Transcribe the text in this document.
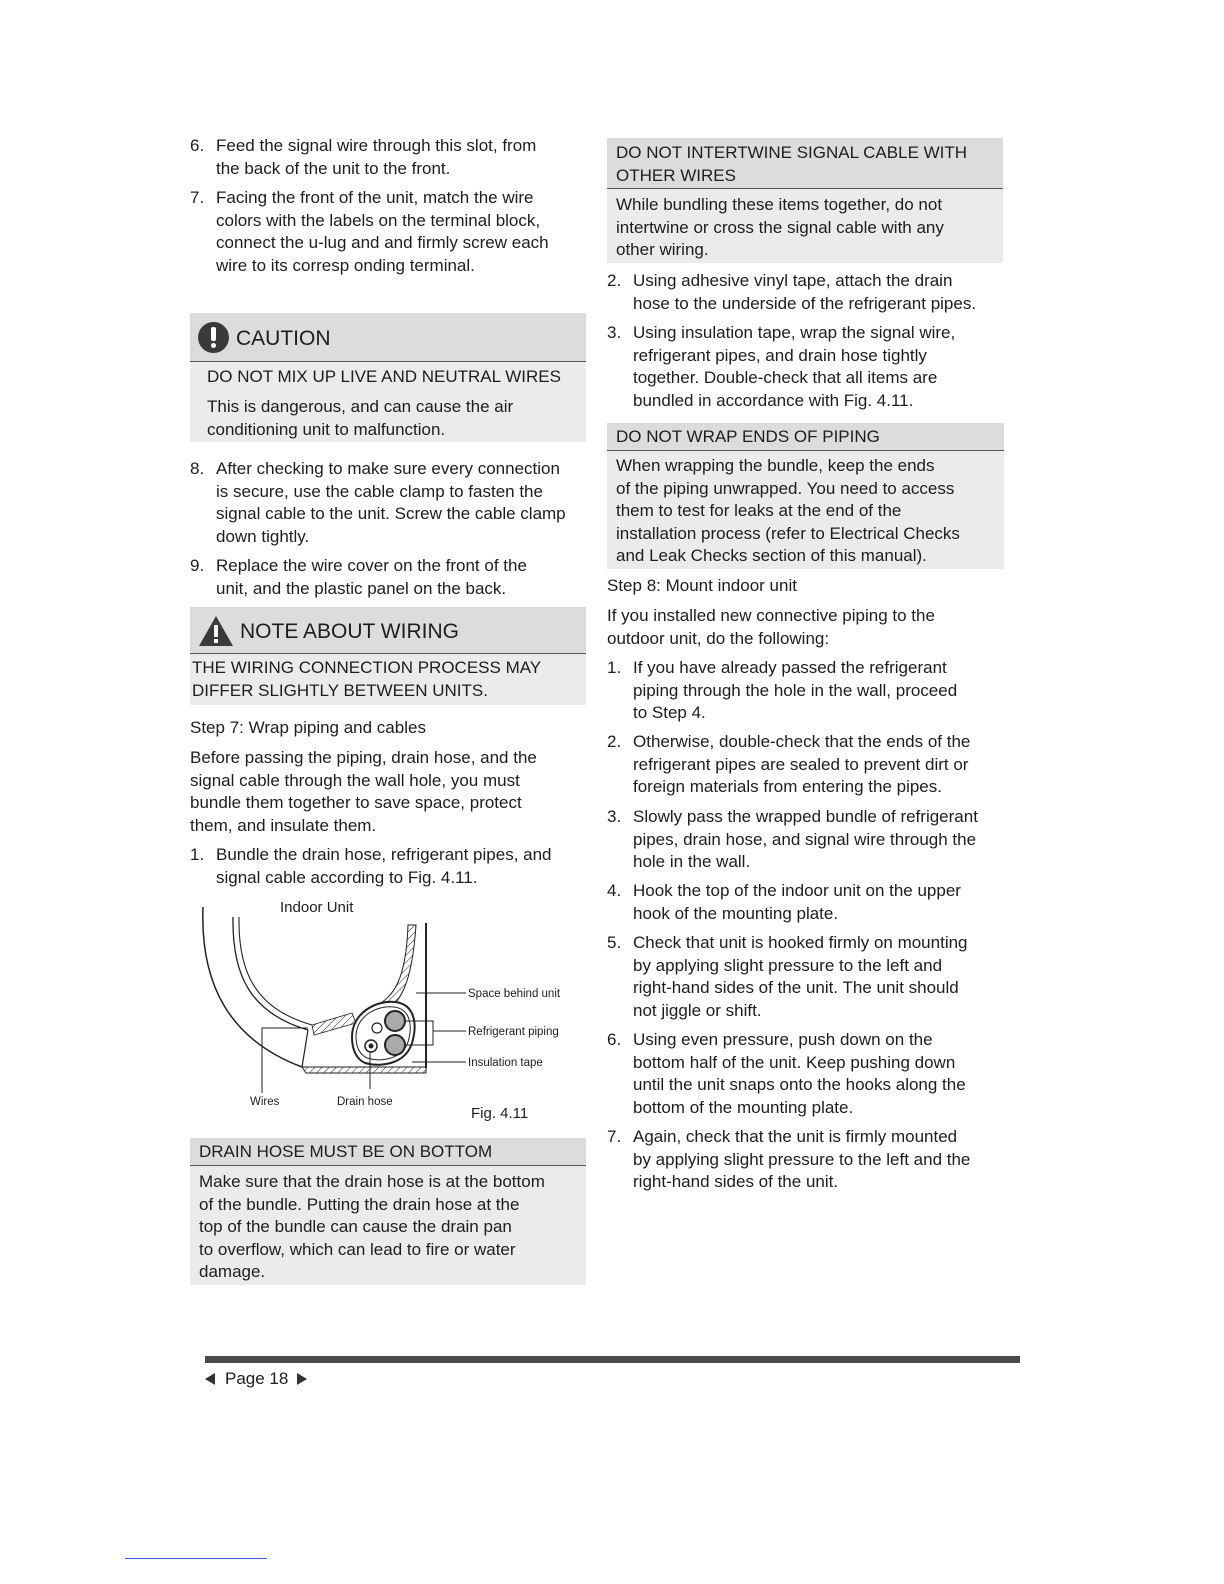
6. Feed the signal wire through this slot, from
the back of the unit to the front.
7. Facing the front of the unit, match the wire
colors with the labels on the terminal block,
connect the u-lug and and firmly screw each
wire to its corresp onding terminal.
CAUTION
DO NOT MIX UP LIVE AND NEUTRAL WIRES
This is dangerous, and can cause the air
conditioning unit to malfunction.
8. After checking to make sure every connection
is secure, use the cable clamp to fasten the
signal cable to the unit. Screw the cable clamp
down tightly.
9. Replace the wire cover on the front of the
unit, and the plastic panel on the back.
NOTE ABOUT WIRING
THE WIRING CONNECTION PROCESS MAY
DIFFER SLIGHTLY BETWEEN UNITS.
Step 7: Wrap piping and cables
Before passing the piping, drain hose, and the
signal cable through the wall hole, you must
bundle them together to save space, protect
them, and insulate them.
1. Bundle the drain hose, refrigerant pipes, and
signal cable according to Fig. 4.11.
Indoor Unit
Space behind unit
Refrigerant piping
Insulation tape
Wires	Drain hose
Fig. 4.11
DRAIN HOSE MUST BE ON BOTTOM
Make sure that the drain hose is at the bottom
of the bundle. Putting the drain hose at the
top of the bundle can cause the drain pan
to overflow, which can lead to fire or water
damage.
DO NOT INTERTWINE SIGNAL CABLE WITH
OTHER WIRES
While bundling these items together, do not
intertwine or cross the signal cable with any
other wiring.
2. Using adhesive vinyl tape, attach the drain
hose to the underside of the refrigerant pipes.
3. Using insulation tape, wrap the signal wire,
refrigerant pipes, and drain hose tightly
together. Double-check that all items are
bundled in accordance with Fig. 4.11.
DO NOT WRAP ENDS OF PIPING
When wrapping the bundle, keep the ends
of the piping unwrapped. You need to access
them to test for leaks at the end of the
installation process (refer to Electrical Checks
and Leak Checks section of this manual).
Step 8: Mount indoor unit
If you installed new connective piping to the
outdoor unit, do the following:
1. If you have already passed the refrigerant
piping through the hole in the wall, proceed
to Step 4.
2. Otherwise, double-check that the ends of the
refrigerant pipes are sealed to prevent dirt or
foreign materials from entering the pipes.
3. Slowly pass the wrapped bundle of refrigerant
pipes, drain hose, and signal wire through the
hole in the wall.
4. Hook the top of the indoor unit on the upper
hook of the mounting plate.
5. Check that unit is hooked firmly on mounting
by applying slight pressure to the left and
right-hand sides of the unit. The unit should
not jiggle or shift.
6. Using even pressure, push down on the
bottom half of the unit. Keep pushing down
until the unit snaps onto the hooks along the
bottom of the mounting plate.
7. Again, check that the unit is firmly mounted
by applying slight pressure to the left and the
right-hand sides of the unit.
Page 18
